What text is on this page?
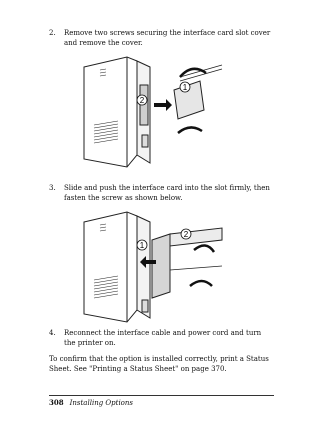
2. Remove two screws securing the interface card slot cover and remove the cover.
1
2
3. Slide and push the interface card into the slot firmly, then fasten the screw as shown below.
1
2
4. Reconnect the interface cable and power cord and turn the printer on.
To confirm that the option is installed correctly, print a Status Sheet. See "Printing a Status Sheet" on page 370.
308 Installing Options
